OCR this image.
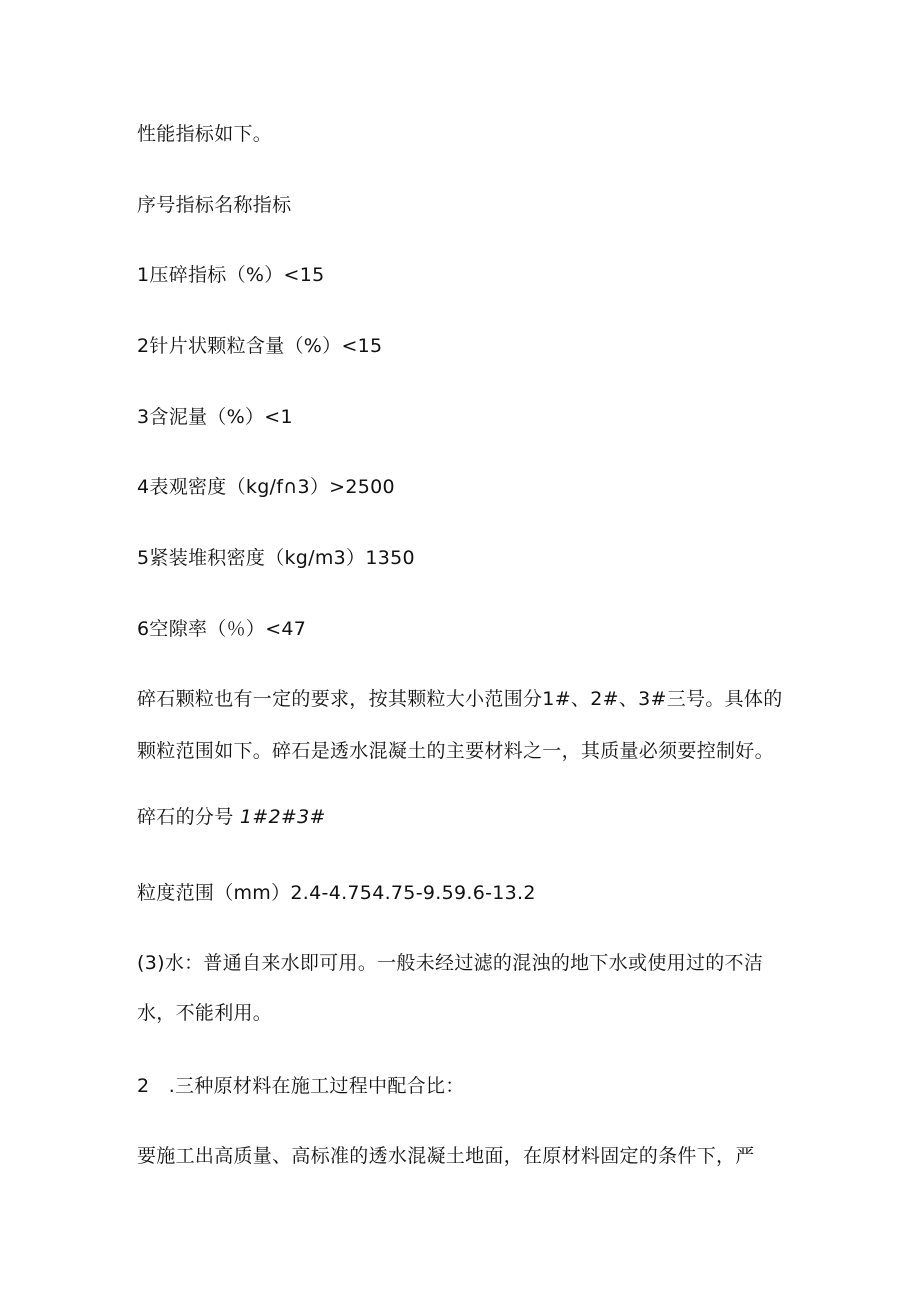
性能指标如下。

序号指标名称指标

1压碎指标（%）<15

2针片状颗粒含量（%）<15

3含泥量（%）<1

4表观密度（kg∕f∩3）>2500

5紧装堆积密度（kg∕m3）1350

6空隙率（％）<47

碎石颗粒也有一定的要求，按其颗粒大小范围分1#、2#、3#三号。具体的

颗粒范围如下。碎石是透水混凝土的主要材料之一，其质量必须要控制好。

碎石的分号 1#2#3#

粒度范围（mm）2.4-4.754.75-9.59.6-13.2

(3)水：普通自来水即可用。一般未经过滤的混浊的地下水或使用过的不洁

水，不能利用。

2　.三种原材料在施工过程中配合比：

要施工出高质量、高标准的透水混凝土地面，在原材料固定的条件下，严
